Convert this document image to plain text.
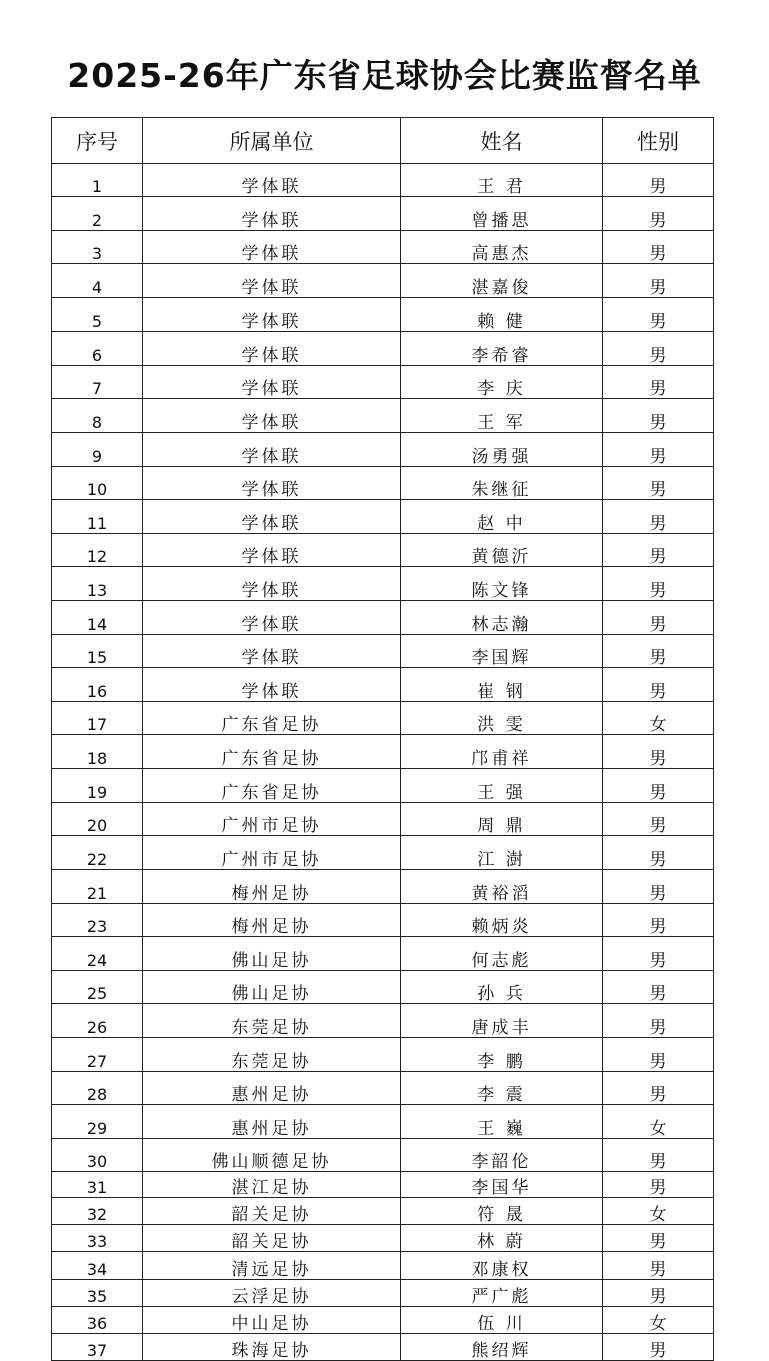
2025-26年广东省足球协会比赛监督名单
序号	所属单位	姓名	性别
1	学体联	王 君	男
2	学体联	曾播思	男
3	学体联	高惠杰	男
4	学体联	湛嘉俊	男
5	学体联	赖 健	男
6	学体联	李希睿	男
7	学体联	李 庆	男
8	学体联	王 军	男
9	学体联	汤勇强	男
10	学体联	朱继征	男
11	学体联	赵 中	男
12	学体联	黄德沂	男
13	学体联	陈文锋	男
14	学体联	林志瀚	男
15	学体联	李国辉	男
16	学体联	崔 钢	男
17	广东省足协	洪 雯	女
18	广东省足协	邝甫祥	男
19	广东省足协	王 强	男
20	广州市足协	周 鼎	男
22	广州市足协	江 澍	男
21	梅州足协	黄裕滔	男
23	梅州足协	赖炳炎	男
24	佛山足协	何志彪	男
25	佛山足协	孙 兵	男
26	东莞足协	唐成丰	男
27	东莞足协	李 鹏	男
28	惠州足协	李 震	男
29	惠州足协	王 巍	女
30	佛山顺德足协	李韶伦	男
31	湛江足协	李国华	男
32	韶关足协	符 晟	女
33	韶关足协	林 蔚	男
34	清远足协	邓康权	男
35	云浮足协	严广彪	男
36	中山足协	伍 川	女
37	珠海足协	熊绍辉	男
